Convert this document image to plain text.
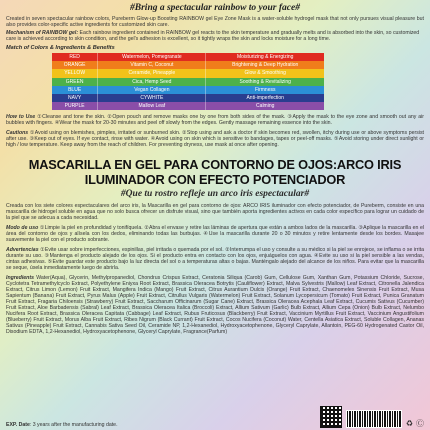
#Bring a spectacular rainbow to your face#

Created in seven spectacular rainbow colors, Pureberm Glow-up Boosting RAINBOW gel Eye Zone Mask is a water-soluble hydrogel mask that not only pursues visual pleasure but also provides color-specific active ingredients for customized skin care.

Mechanism of RAINBOW gel: Each rainbow ingredient contained in RAINBOW gel reacts to the skin temperature and gradually melts and is absorbed into the skin, so customized care is achieved according to skin condition, and the gel's adhesion is excellent, so it tightly wraps the skin and locks moisture for a long time.

Match of Colors & Ingredients & Benefits
RED	Watermelon, Pomegranate	Moisturizing & Energizing
ORANGE	Vitamin C, Coconut	Brightening & Deep Hydration
YELLOW	Ceramide, Pineapple	Glow & Smoothing
GREEN	Cica, Hemp Seed	Soothing & Revitalizing
BLUE	Vegan Collagen	Firmness
NAVY	CYWHITE	Anti-imperfection
PURPLE	Mallow Leaf	Calming

How to Use ①Cleanse and tone the skin. ②Open pouch and remove masks one by one from both sides of the mask. ③Apply the mask to the eye zone and smooth out any air bubbles with fingers. ④Wear the mask for 20-30 minutes and peel off slowly from the edges. Gently massage remaining essence into the skin.

Cautions ①Avoid using on blemishes, pimples, irritated or sunburned skin. ②Stop using and ask a doctor if skin becomes red, swollen, itchy during use or above symptoms persist after use. ③Keep out of eyes. If eye contact, rinse with water. ④Avoid using on skin which is sensitive to bandages, tapes or peel-off masks. ⑤Avoid storing under direct sunlight or high / low temperature. Keep away from the reach of children. For preventing dryness, use mask at once after opening.

MASCARILLA EN GEL PARA CONTORNO DE OJOS:ARCO IRIS
ILUMINADOR CON EFECTO POTENCIADOR
#Que tu rostro refleje un arco iris espectacular#

Creada con los siete colores espectaculares del arco iris, la Mascarilla en gel para contorno de ojos: ARCO IRIS iluminador con efecto potenciador, de Pureberm, consiste en una mascarilla de hidrogel soluble en agua que no solo busca ofrecer un disfrute visual, sino que también aporta ingredientes activos en cada color específico para lograr un cuidado de la piel que se adecua a cada necesidad.

Modo de uso ①Limpie la piel en profundidad y tonifíquela. ②Abra el envase y retire las láminas de apertura que están a ambos lados de la mascarilla. ③Aplique la mascarilla en el área del contorno de ojos y alísela con los dedos, eliminando todas las burbujas. ④Use la mascarilla durante 20 o 30 minutos y retire lentamente desde los bordes. Masajee suavemente la piel con el producto sobrante.

Advertencias ①Evite usar sobre imperfecciones, espinillas, piel irritada o quemada por el sol. ②Interrumpa el uso y consulte a su médico si la piel se enrojece, se inflama o se irrita durante su uso. ③Mantenga el producto alejado de los ojos. Si el producto entra en contacto con los ojos, enjuáguelos con agua. ④Evite su uso si la piel sensible a las vendas, cintas adhesivas. ⑤Evite guardar este producto bajo la luz directa del sol o a temperaturas altas o bajas. Manténgalo alejado del alcance de los niños. Para evitar que la mascarilla se seque, úsela inmediatamente luego de abrirla.

Ingredients Water(Aqua), Glycerin, Methylpropanediol, Chondrus Crispus Extract, Ceratonia Siliqua (Carob) Gum, Cellulose Gum, Xanthan Gum, Potassium Chloride, Sucrose, Cyclotetra Tetramethylcyclo Extract, Polyethylene Eniyxa Root Extract, Brassica Oleracea Botrytis (Cauliflower) Extract, Malva Sylvestris (Mallow) Leaf Extract, Citronella Jalendica Extract, Citrus Limon (Lemon) Fruit Extract, Mangifera Indica (Mango) Fruit Extract, Citrus Aurantium Dulcis (Orange) Fruit Extract, Chaenomeles Sinensis Fruit Extract, Musa Sapientum (Banana) Fruit Extract, Pyrus Malus (Apple) Fruit Extract, Citrullus Vulgaris (Watermelon) Fruit Extract, Solanum Lycopersicum (Tomato) Fruit Extract, Punica Granatum Fruit Extract, Fragaria Chiloensis (Strawberry) Fruit Extract, Saccharum Officinarum (Sugar Cane) Extract, Brassica Oleracea Acephala Leaf Extract, Cucumis Sativus (Cucumber) Fruit Extract, Aloe Barbadensis (Sabral) Leaf Extract, Brassica Oleracea Italica (Broccoli) Extract, Allium Sativum (Garlic) Bulb Extract, Allium Cepa (Onion) Bulb Extract, Nelumbo Nucifera Root Extract, Brassica Oleracea Capitata (Cabbage) Leaf Extract, Rubus Fruticosus (Blackberry) Fruit Extract, Vaccinium Myrtillus Fruit Extract, Vaccinium Angustifolium (Blueberry) Fruit Extract, Morus Alba Fruit Extract, Ribes Nigrum (Black Currant) Fruit Extract, Cocos Nucifera (Coconut) Water, Centella Asiatica Extract, Soluble Collagen, Ananas Sativus (Pineapple) Fruit Extract, Cannabis Sativa Seed Oil, Ceramide NP, 1,2-Hexanediol, Hydroxyacetophenone, Glyceryl Caprylate, Allantoin, PEG-60 Hydrogenated Castor Oil, Disodium EDTA, 1,2-Hexanediol, Hydroxyacetophenone, Glyceryl Caprylate, Fragrance(Parfum)

EXP. Date: 3 years after the manufacturing date.	♻ Ⓒ
